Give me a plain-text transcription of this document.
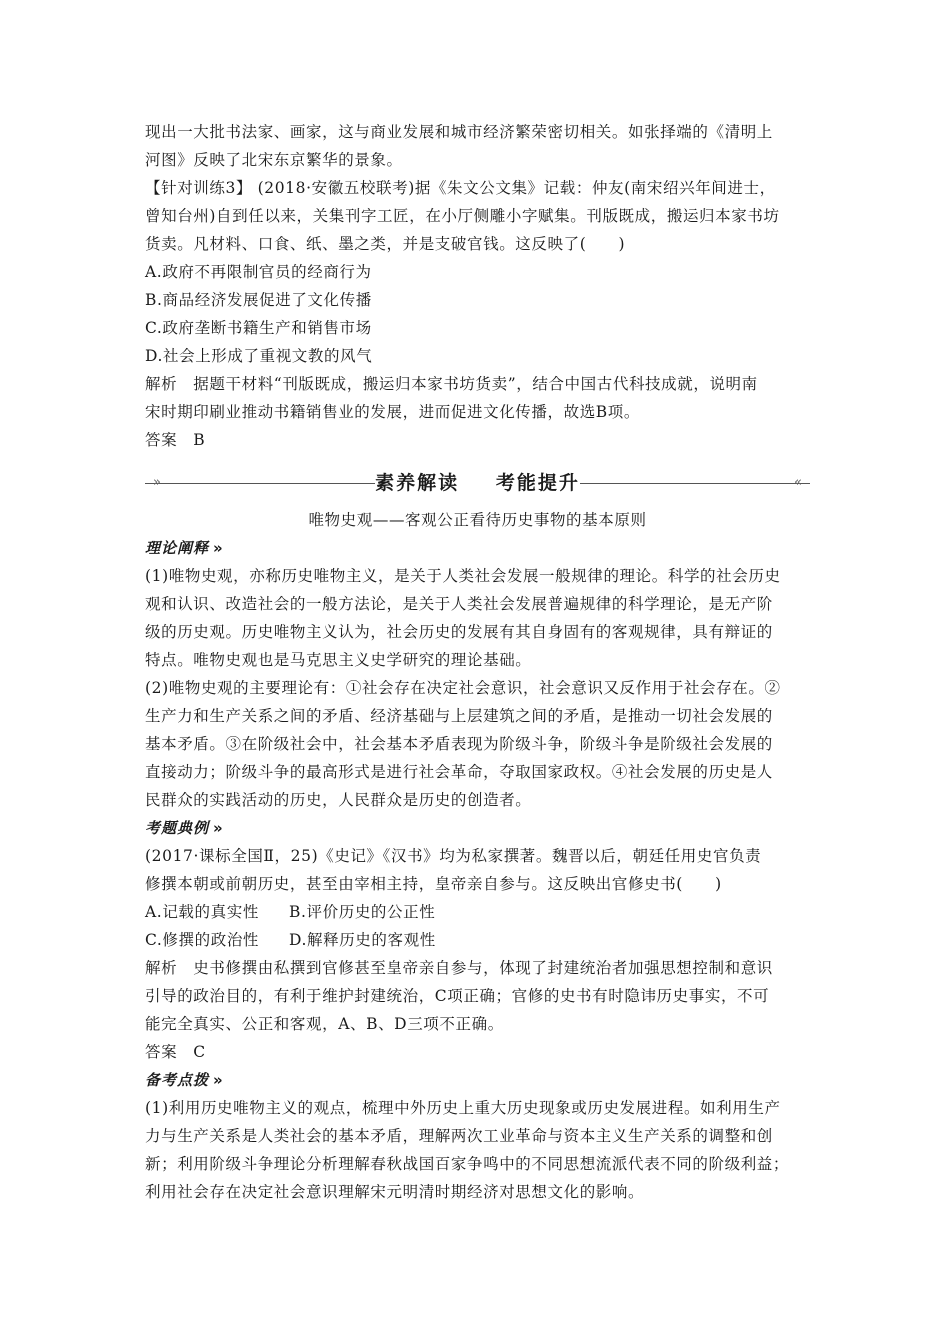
现出一大批书法家、画家，这与商业发展和城市经济繁荣密切相关。如张择端的《清明上
河图》反映了北宋东京繁华的景象。
【针对训练3】 (2018·安徽五校联考)据《朱文公文集》记载：仲友(南宋绍兴年间进士，
曾知台州)自到任以来，关集刊字工匠，在小厅侧雕小字赋集。刊版既成，搬运归本家书坊
货卖。凡材料、口食、纸、墨之类，并是支破官钱。这反映了(　　)
A.政府不再限制官员的经商行为
B.商品经济发展促进了文化传播
C.政府垄断书籍生产和销售市场
D.社会上形成了重视文教的风气
解析　据题干材料“刊版既成，搬运归本家书坊货卖”，结合中国古代科技成就，说明南
宋时期印刷业推动书籍销售业的发展，进而促进文化传播，故选B项。
答案　B
»	«
素养解读 考能提升
唯物史观——客观公正看待历史事物的基本原则
理论阐释 »
(1)唯物史观，亦称历史唯物主义，是关于人类社会发展一般规律的理论。科学的社会历史
观和认识、改造社会的一般方法论，是关于人类社会发展普遍规律的科学理论，是无产阶
级的历史观。历史唯物主义认为，社会历史的发展有其自身固有的客观规律，具有辩证的
特点。唯物史观也是马克思主义史学研究的理论基础。
(2)唯物史观的主要理论有：①社会存在决定社会意识，社会意识又反作用于社会存在。②
生产力和生产关系之间的矛盾、经济基础与上层建筑之间的矛盾，是推动一切社会发展的
基本矛盾。③在阶级社会中，社会基本矛盾表现为阶级斗争，阶级斗争是阶级社会发展的
直接动力；阶级斗争的最高形式是进行社会革命，夺取国家政权。④社会发展的历史是人
民群众的实践活动的历史，人民群众是历史的创造者。
考题典例 »
(2017·课标全国Ⅱ，25)《史记》《汉书》均为私家撰著。魏晋以后，朝廷任用史官负责
修撰本朝或前朝历史，甚至由宰相主持，皇帝亲自参与。这反映出官修史书(　　)
A.记载的真实性	B.评价历史的公正性
C.修撰的政治性	D.解释历史的客观性
解析　史书修撰由私撰到官修甚至皇帝亲自参与，体现了封建统治者加强思想控制和意识
引导的政治目的，有利于维护封建统治，C项正确；官修的史书有时隐讳历史事实，不可
能完全真实、公正和客观，A、B、D三项不正确。
答案　C
备考点拨 »
(1)利用历史唯物主义的观点，梳理中外历史上重大历史现象或历史发展进程。如利用生产
力与生产关系是人类社会的基本矛盾，理解两次工业革命与资本主义生产关系的调整和创
新；利用阶级斗争理论分析理解春秋战国百家争鸣中的不同思想流派代表不同的阶级利益；
利用社会存在决定社会意识理解宋元明清时期经济对思想文化的影响。
